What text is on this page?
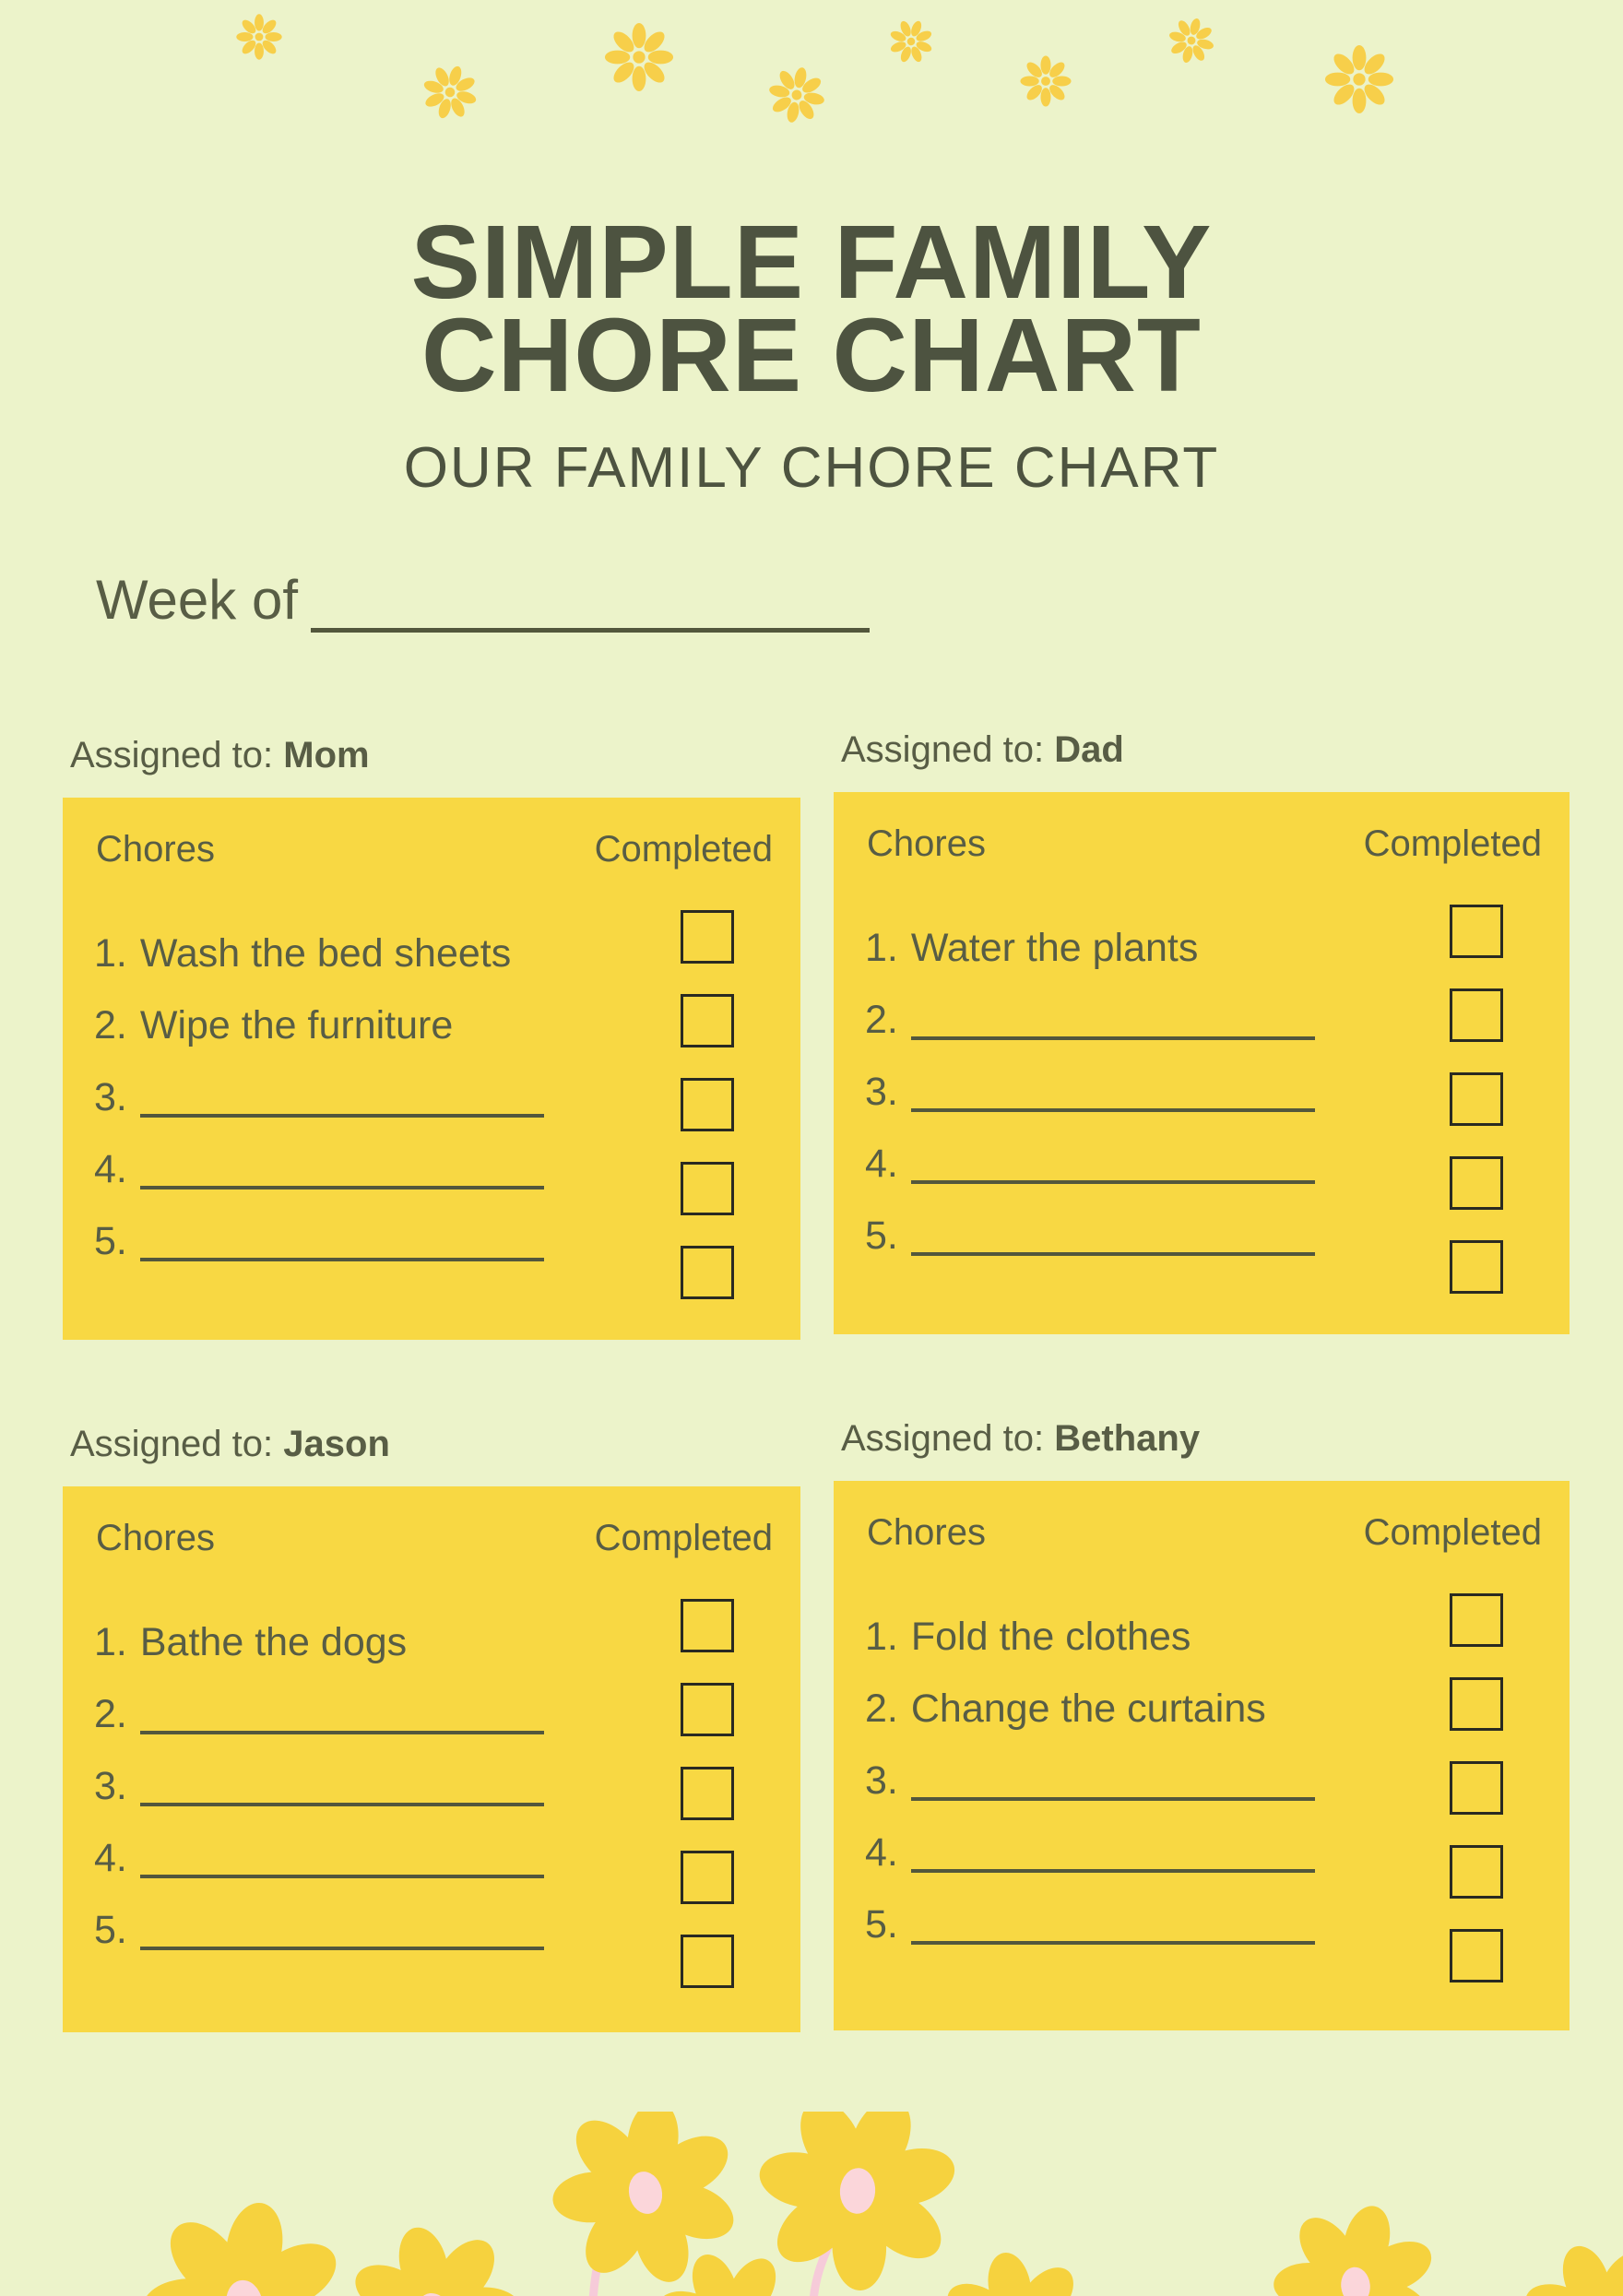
SIMPLE FAMILY
CHORE CHART
OUR FAMILY CHORE CHART
Week of
Assigned to: Mom
Chores	Completed
1. Wash the bed sheets
2. Wipe the furniture
3.
4.
5.
Assigned to: Dad
Chores	Completed
1. Water the plants
2.
3.
4.
5.
Assigned to: Jason
Chores	Completed
1. Bathe the dogs
2.
3.
4.
5.
Assigned to: Bethany
Chores	Completed
1. Fold the clothes
2. Change the curtains
3.
4.
5.
